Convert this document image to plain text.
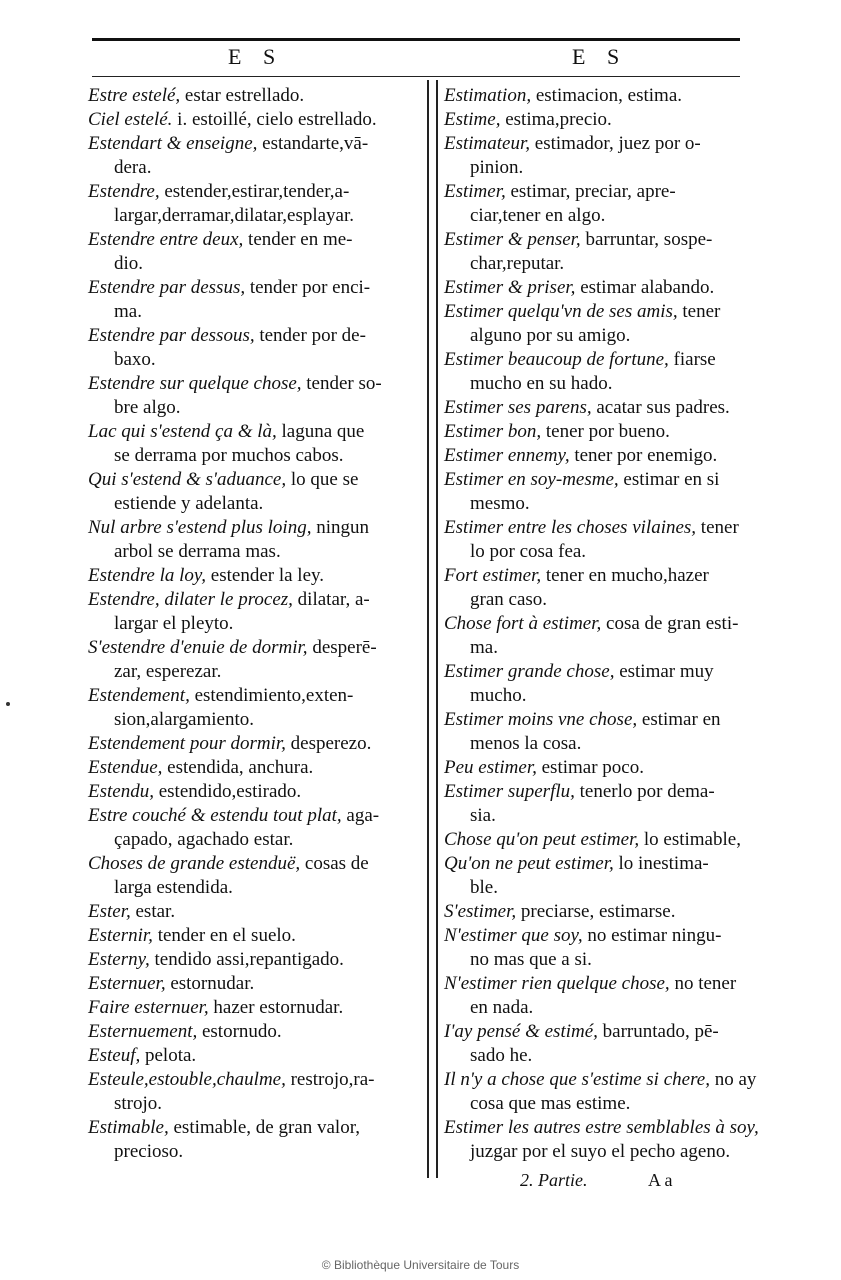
E S	E S
Estre estelé, estar estrellado.
Ciel estelé. i. estoillé, cielo estrellado.
Estendart & enseigne, estandarte,vā-
dera.
Estendre, estender,estirar,tender,a-
largar,derramar,dilatar,esplayar.
Estendre entre deux, tender en me-
dio.
Estendre par dessus, tender por enci-
ma.
Estendre par dessous, tender por de-
baxo.
Estendre sur quelque chose, tender so-
bre algo.
Lac qui s'estend ça & là, laguna que
se derrama por muchos cabos.
Qui s'estend & s'aduance, lo que se
estiende y adelanta.
Nul arbre s'estend plus loing, ningun
arbol se derrama mas.
Estendre la loy, estender la ley.
Estendre, dilater le procez, dilatar, a-
largar el pleyto.
S'estendre d'enuie de dormir, desperē-
zar, esperezar.
Estendement, estendimiento,exten-
sion,alargamiento.
Estendement pour dormir, desperezo.
Estendue, estendida, anchura.
Estendu, estendido,estirado.
Estre couché & estendu tout plat, aga-
çapado, agachado estar.
Choses de grande estenduë, cosas de
larga estendida.
Ester, estar.
Esternir, tender en el suelo.
Esterny, tendido assi,repantigado.
Esternuer, estornudar.
Faire esternuer, hazer estornudar.
Esternuement, estornudo.
Esteuf, pelota.
Esteule,estouble,chaulme, restrojo,ra-
strojo.
Estimable, estimable, de gran valor,
precioso.
Estimation, estimacion, estima.
Estime, estima,precio.
Estimateur, estimador, juez por o-
pinion.
Estimer, estimar, preciar, apre-
ciar,tener en algo.
Estimer & penser, barruntar, sospe-
char,reputar.
Estimer & priser, estimar alabando.
Estimer quelqu'vn de ses amis, tener
alguno por su amigo.
Estimer beaucoup de fortune, fiarse
mucho en su hado.
Estimer ses parens, acatar sus padres.
Estimer bon, tener por bueno.
Estimer ennemy, tener por enemigo.
Estimer en soy-mesme, estimar en si
mesmo.
Estimer entre les choses vilaines, tener
lo por cosa fea.
Fort estimer, tener en mucho,hazer
gran caso.
Chose fort à estimer, cosa de gran esti-
ma.
Estimer grande chose, estimar muy
mucho.
Estimer moins vne chose, estimar en
menos la cosa.
Peu estimer, estimar poco.
Estimer superflu, tenerlo por dema-
sia.
Chose qu'on peut estimer, lo estimable,
Qu'on ne peut estimer, lo inestima-
ble.
S'estimer, preciarse, estimarse.
N'estimer que soy, no estimar ningu-
no mas que a si.
N'estimer rien quelque chose, no tener
en nada.
I'ay pensé & estimé, barruntado, pē-
sado he.
Il n'y a chose que s'estime si chere, no ay
cosa que mas estime.
Estimer les autres estre semblables à soy,
juzgar por el suyo el pecho ageno.
2. Partie.	A a
© Bibliothèque Universitaire de Tours
